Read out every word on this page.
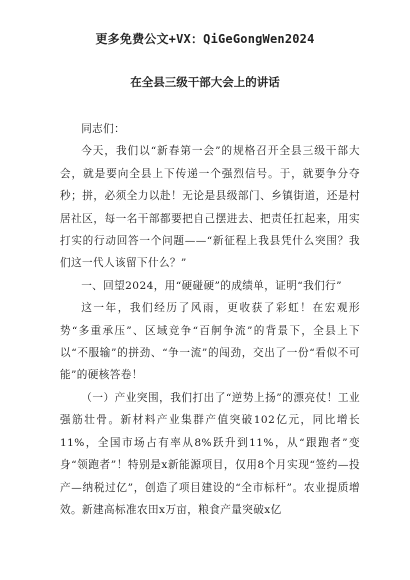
更多免费公文+VX：QiGeGongWen2024
在全县三级干部大会上的讲话

同志们：

今天，我们以“新春第一会”的规格召开全县三级干部大会，就是要向全县上下传递一个强烈信号。于，就要争分夺秒；拼，必须全力以赴！无论是县级部门、乡镇街道，还是村居社区，每一名干部都要把自己摆进去、把责任扛起来，用实打实的行动回答一个问题——“新征程上我县凭什么突围？我们这一代人该留下什么？”

一、回望2024，用“硬碰硬”的成绩单，证明“我们行”

这一年，我们经历了风雨，更收获了彩虹！在宏观形势“多重承压”、区域竞争“百舸争流”的背景下，全县上下以“不服输”的拼劲、“争一流”的闯劲，交出了一份“看似不可能”的硬核答卷！

（一）产业突围，我们打出了“逆势上扬”的漂亮仗！工业强筋壮骨。新材料产业集群产值突破102亿元，同比增长11%，全国市场占有率从8%跃升到11%，从“跟跑者”变身“领跑者”！特别是x新能源项目，仅用8个月实现“签约—投产—纳税过亿”，创造了项目建设的“全市标杆”。农业提质增效。新建高标准农田x万亩，粮食产量突破x亿
